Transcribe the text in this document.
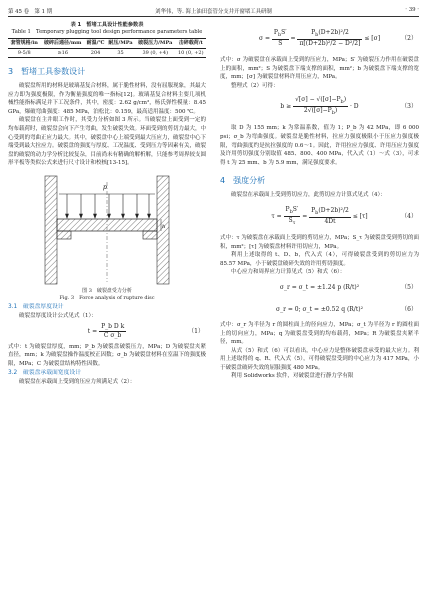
第 45 卷　第 1 期	刘华伟，等. 海上油田套管分支井开窗堵工具研制	· 39 ·
表 1　暂堵工具设计性能参数表
Table 1　Temporary plugging tool design performance parameters table
套管规格/in	破碎后通径/mm	耐温/℃	耐压/MPa	破裂压力/MPa	击碎载荷/t
9-5/8	≥16	204	35	39 (0, +4)	10 (0, +2)
3　暂堵工具参数设计

破裂盘所用的材料是玻璃基复合材料，属于脆性材料，没有屈服现象，其最大应力即为强度极限，作为衡量强度的唯一指标[12]。玻璃基复合材料主要几项机械性能指标满足并下工况条件，其中，密度：2.62 g/cm³，杨氏弹性模量：8.45 GPa，爆破弯曲强度：485 MPa，泊松比：0.159，最高适用温度：500 ℃。

破裂盘在主井眼工作时，其受力分析如图 3 所示。当破裂盘上面受到一定的均布载荷时，破裂盘会向下产生弯曲，发生破裂失效。环面受到的剪切力最大，中心受到的弯曲正应力最大。其中，破裂盘中心上端受到最大压应力，破裂盘中心下端受到最大拉应力。破裂盘的强度与厚度、工况温度、受到压力等因素有关，破裂盘的破裂的动力学分析比较复杂，目前尚未有精确的解析解，只能参考周界较支圆形平板等类似公式来进行尺寸设计和校核[13-15]。

p
h
图 3　破裂盘受力分析
Fig. 3　Force analysis of rupture disc
3.1　破裂盘厚度设计

破裂盘厚度设计公式见式（1）：

$t = \frac{\text{P\_b D k}}{\text{C σ\_b}}$	（1）

式中：t 为破裂盘厚度，mm；P_b 为破裂盘破裂压力，MPa；D 为破裂盘夹紧直径，mm；k 为破裂盘操作温度校正因数；σ_b 为破裂盘材料在室温下的强度极限，MPa；C 为破裂盘结构特性因数。

3.2　破裂盘承载面宽度设计

破裂盘在承载面上受到的压应力须满足式（2）：

$\sigma = \frac{P_bS'}{S} = \frac{P_b(D+2b)^2/2}{\text{π[(D+2b)²/2 − D²/2]}} \le [\sigma]$	（2）

式中：σ 为破裂盘在承载面上受到的压应力，MPa；S′ 为破裂压力作用在破裂盘上的面积，mm²；S 为破裂盘下端支撑的面积，mm²；b 为破裂盘下端支撑的宽度，mm；[σ] 为破裂盘材料许用压应力，MPa。

整理式（2）可得：

$b \ge \frac{√[\sigma] - √([\sigma]-P_b)}{2√([\sigma]-P_b)} \cdot D$	（3）

取 D 为 155 mm；k 为常温系数，值为 1；P_b 为 42 MPa，即 6 000 psi；σ_b 为弯曲强度。破裂盘是脆性材料，拉应力强度极限小于压应力强度极限，弯曲强度约是抗拉强度的 0.6～1。因此，许用拉应力强度、许用压应力强度及许用剪切强度分别取值 485、800、400 MPa，代入式（1）～式（3），可求得 t 为 25 mm、b 为 5.9 mm，满足强度要求。

4　强度分析

破裂盘在承载面上受到剪切应力，此剪切应力计算式见式（4）：

$\tau = \frac{P_bS'}{S_\tau} = \frac{P_b(D+2b)^2/2}{4Dt} \le [\tau]$	（4）

式中：τ 为破裂盘在承载面上受到的剪切应力，MPa；S_τ 为破裂盘受到剪切的面积，mm²；[τ] 为破裂盘材料许用切应力，MPa。

利用上述取得的 t、D、b，代入式（4），可得破裂盘受到的剪切应力为 85.57 MPa，小于破裂盘破碎失效的许用剪切强度。

中心应力和周界应力计算见式（5）和式（6）：

σ_r = σ_t = ±1.24 p (R/t)²	（5）
σ_r = 0; σ_t = ±0.52 q (R/t)²	（6）

式中：σ_r 为半径为 r 的圆柱面上的径向应力，MPa；σ_t 为半径为 r 的圆柱面上的切向应力，MPa；q 为破裂盘受到的均布载荷，MPa；R 为破裂盘夹紧半径，mm。

从式（5）和式（6）可以看出，中心应力是整体破裂盘承受的最大应力。利用上述取得的 q、R、代入式（5），可得破裂盘受到的中心应力为 417 MPa，小于破裂盘破碎失效的屈服强度 480 MPa。

利用 Solidworks 软件，对破裂盘进行静力学有限
